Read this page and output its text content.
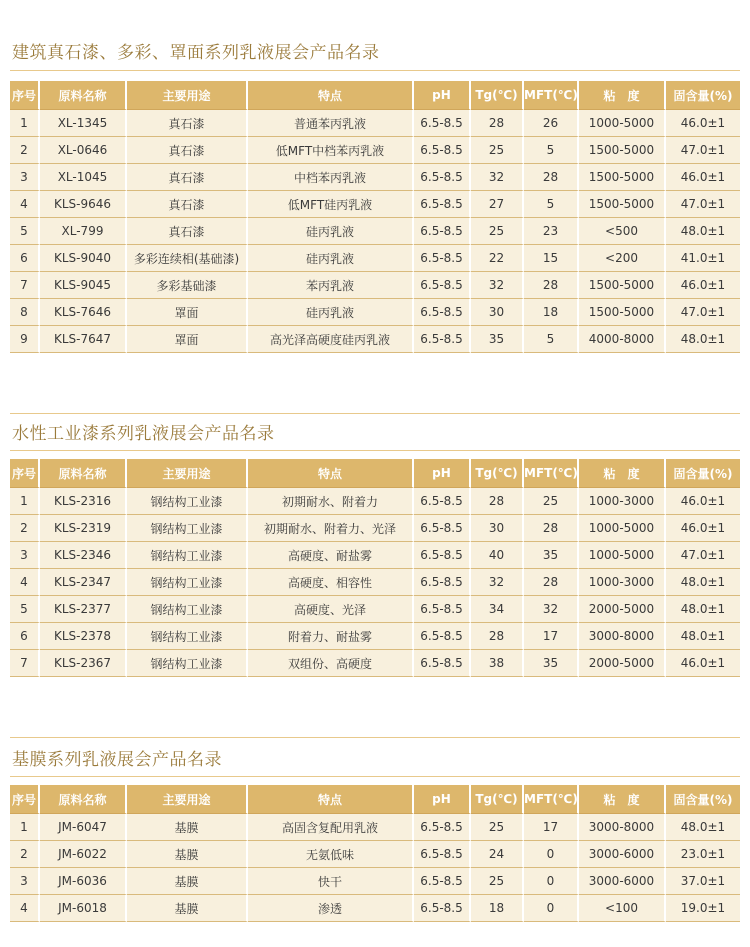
建筑真石漆、多彩、罩面系列乳液展会产品名录
序号	原料名称	主要用途	特点	pH	Tg(℃)	MFT(℃)	粘　度	固含量(%)
1	XL-1345	真石漆	普通苯丙乳液	6.5-8.5	28	26	1000-5000	46.0±1
2	XL-0646	真石漆	低MFT中档苯丙乳液	6.5-8.5	25	5	1500-5000	47.0±1
3	XL-1045	真石漆	中档苯丙乳液	6.5-8.5	32	28	1500-5000	46.0±1
4	KLS-9646	真石漆	低MFT硅丙乳液	6.5-8.5	27	5	1500-5000	47.0±1
5	XL-799	真石漆	硅丙乳液	6.5-8.5	25	23	<500	48.0±1
6	KLS-9040	多彩连续相(基础漆)	硅丙乳液	6.5-8.5	22	15	<200	41.0±1
7	KLS-9045	多彩基础漆	苯丙乳液	6.5-8.5	32	28	1500-5000	46.0±1
8	KLS-7646	罩面	硅丙乳液	6.5-8.5	30	18	1500-5000	47.0±1
9	KLS-7647	罩面	高光泽高硬度硅丙乳液	6.5-8.5	35	5	4000-8000	48.0±1
水性工业漆系列乳液展会产品名录
序号	原料名称	主要用途	特点	pH	Tg(℃)	MFT(℃)	粘　度	固含量(%)
1	KLS-2316	钢结构工业漆	初期耐水、附着力	6.5-8.5	28	25	1000-3000	46.0±1
2	KLS-2319	钢结构工业漆	初期耐水、附着力、光泽	6.5-8.5	30	28	1000-5000	46.0±1
3	KLS-2346	钢结构工业漆	高硬度、耐盐雾	6.5-8.5	40	35	1000-5000	47.0±1
4	KLS-2347	钢结构工业漆	高硬度、相容性	6.5-8.5	32	28	1000-3000	48.0±1
5	KLS-2377	钢结构工业漆	高硬度、光泽	6.5-8.5	34	32	2000-5000	48.0±1
6	KLS-2378	钢结构工业漆	附着力、耐盐雾	6.5-8.5	28	17	3000-8000	48.0±1
7	KLS-2367	钢结构工业漆	双组份、高硬度	6.5-8.5	38	35	2000-5000	46.0±1
基膜系列乳液展会产品名录
序号	原料名称	主要用途	特点	pH	Tg(℃)	MFT(℃)	粘　度	固含量(%)
1	JM-6047	基膜	高固含复配用乳液	6.5-8.5	25	17	3000-8000	48.0±1
2	JM-6022	基膜	无氨低味	6.5-8.5	24	0	3000-6000	23.0±1
3	JM-6036	基膜	快干	6.5-8.5	25	0	3000-6000	37.0±1
4	JM-6018	基膜	渗透	6.5-8.5	18	0	<100	19.0±1
